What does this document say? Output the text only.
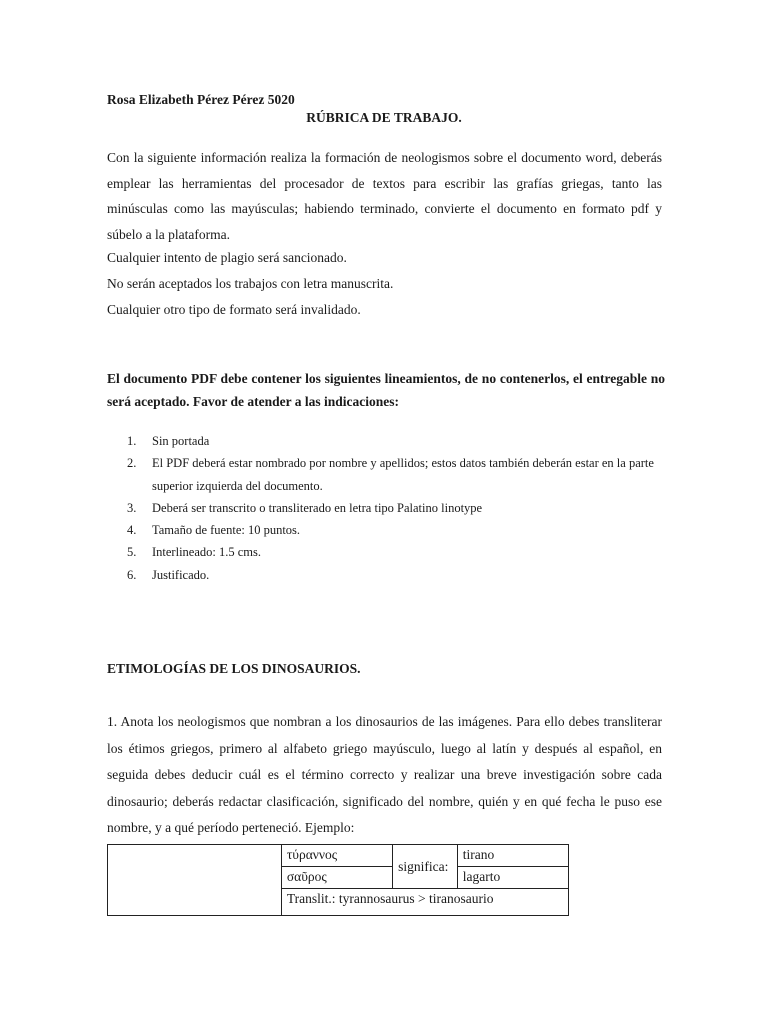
Rosa Elizabeth Pérez Pérez 5020
RÚBRICA DE TRABAJO.

Con la siguiente información realiza la formación de neologismos sobre el documento word, deberás emplear las herramientas del procesador de textos para escribir las grafías griegas, tanto las minúsculas como las mayúsculas; habiendo terminado, convierte el documento en formato pdf y súbelo a la plataforma.

Cualquier intento de plagio será sancionado.

No serán aceptados los trabajos con letra manuscrita.

Cualquier otro tipo de formato será invalidado.

El documento PDF debe contener los siguientes lineamientos, de no contenerlos, el entregable no será aceptado. Favor de atender a las indicaciones:
1. Sin portada
2. El PDF deberá estar nombrado por nombre y apellidos; estos datos también deberán estar en la parte superior izquierda del documento.
3. Deberá ser transcrito o transliterado en letra tipo Palatino linotype
4. Tamaño de fuente: 10 puntos.
5. Interlineado: 1.5 cms.
6. Justificado.
ETIMOLOGÍAS DE LOS DINOSAURIOS.

1. Anota los neologismos que nombran a los dinosaurios de las imágenes. Para ello debes transliterar los étimos griegos, primero al alfabeto griego mayúsculo, luego al latín y después al español, en seguida debes deducir cuál es el término correcto y realizar una breve investigación sobre cada dinosaurio; deberás redactar clasificación, significado del nombre, quién y en qué fecha le puso ese nombre, y a qué período perteneció. Ejemplo:

	τύραννος	significa:	tirano
	σαῦρος		lagarto
	Translit.: tyrannosaurus > tiranosaurio		
